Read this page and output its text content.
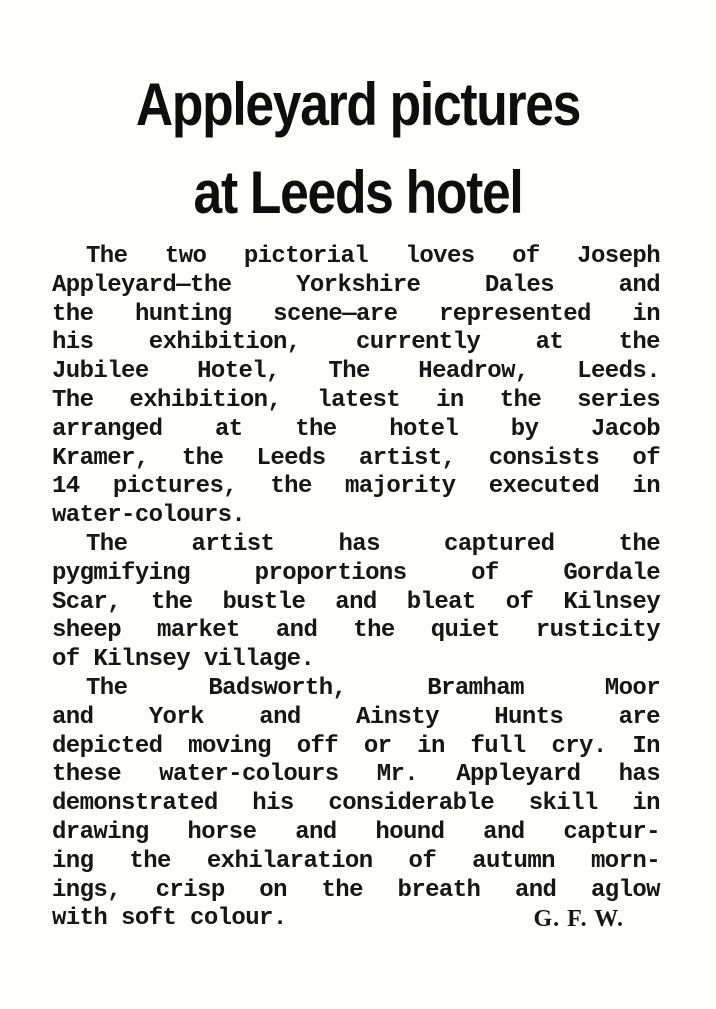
Appleyard pictures
at Leeds hotel
The two pictorial loves of Joseph
Appleyard—the Yorkshire Dales and
the hunting scene—are represented in
his exhibition, currently at the
Jubilee Hotel, The Headrow, Leeds.
The exhibition, latest in the series
arranged at the hotel by Jacob
Kramer, the Leeds artist, consists of
14 pictures, the majority executed in
water-colours.
The artist has captured the
pygmifying proportions of Gordale
Scar, the bustle and bleat of Kilnsey
sheep market and the quiet rusticity
of Kilnsey village.
The Badsworth, Bramham Moor
and York and Ainsty Hunts are
depicted moving off or in full cry. In
these water-colours Mr. Appleyard has
demonstrated his considerable skill in
drawing horse and hound and captur-
ing the exhilaration of autumn morn-
ings, crisp on the breath and aglow
with soft colour.	G. F. W.
